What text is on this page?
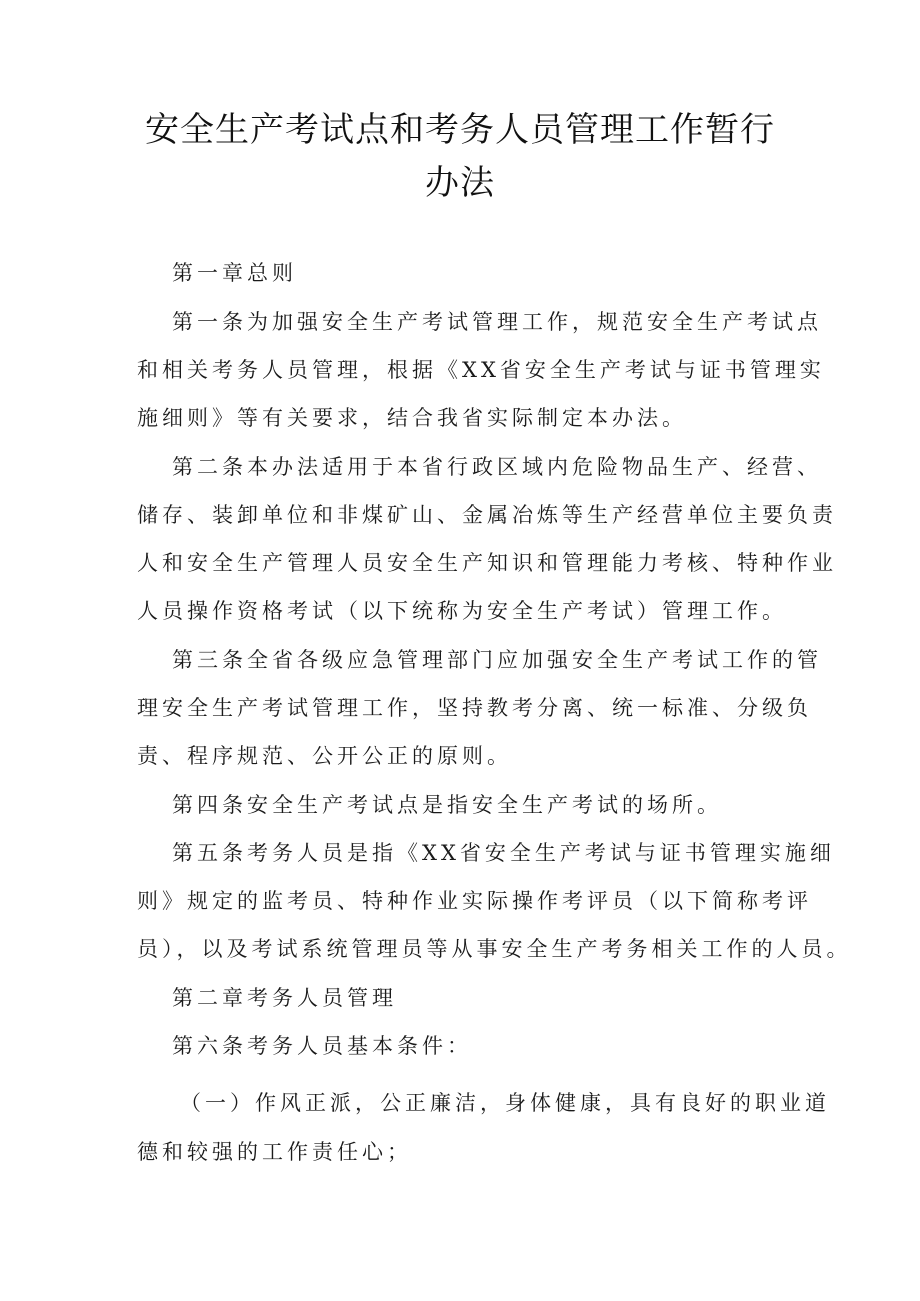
安全生产考试点和考务人员管理工作暂行
办法
第一章总则
第一条为加强安全生产考试管理工作，规范安全生产考试点
和相关考务人员管理，根据《XX省安全生产考试与证书管理实
施细则》等有关要求，结合我省实际制定本办法。
第二条本办法适用于本省行政区域内危险物品生产、经营、
储存、装卸单位和非煤矿山、金属冶炼等生产经营单位主要负责
人和安全生产管理人员安全生产知识和管理能力考核、特种作业
人员操作资格考试（以下统称为安全生产考试）管理工作。
第三条全省各级应急管理部门应加强安全生产考试工作的管
理安全生产考试管理工作，坚持教考分离、统一标准、分级负
责、程序规范、公开公正的原则。
第四条安全生产考试点是指安全生产考试的场所。
第五条考务人员是指《XX省安全生产考试与证书管理实施细
则》规定的监考员、特种作业实际操作考评员（以下简称考评
员），以及考试系统管理员等从事安全生产考务相关工作的人员。
第二章考务人员管理
第六条考务人员基本条件：
（一）作风正派，公正廉洁，身体健康，具有良好的职业道
德和较强的工作责任心；
